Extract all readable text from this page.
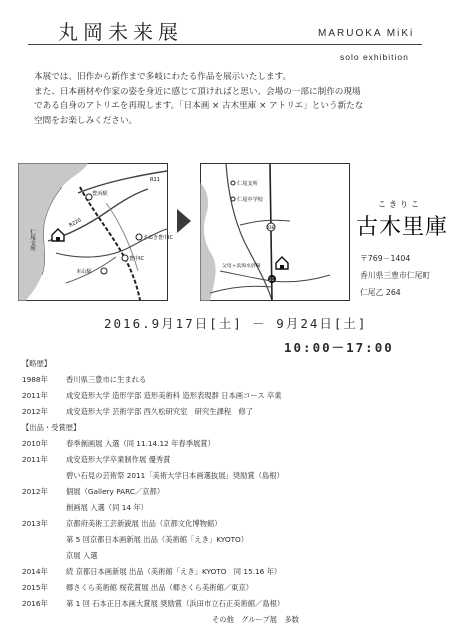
丸岡未来展	MARUOKA MiKi
solo exhibition

本展では、旧作から新作まで多岐にわたる作品を展示いたします。

また、日本画材や作家の姿を身近に感じて頂ければと思い、会場の一部に制作の現場

である自身のアトリエを再現します。「日本画 × 古木里庫 × アトリエ」という新たな

空間をお楽しみください。

豊浜駅
R11
R220
さぬき豊中IC
豊中IC
本山駅
仁尾支所
仁尾支所
仁尾中学校
236
21
父母ヶ浜海水浴場
こきりこ
古木里庫
〒769－1404
香川県三豊市仁尾町
仁尾乙 264
2016.9月17日[土] － 9月24日[土]
10:00－17:00
【略歴】
1988年	香川県三豊市に生まれる
2011年	成安造形大学 造形学部 造形美術科 造形表現群 日本画コース 卒業
2012年	成安造形大学 芸術学部 西久松研究室　研究生課程　修了
【出品・受賞歴】
2010年	春季創画展 入選（同 11.14.12 年春季展賞）
2011年	成安造形大学卒業制作展 優秀賞
碧い石見の芸術祭 2011「美術大学日本画選抜展」奨励賞（島根）
2012年	個展（Gallery PARC／京都）
創画展 入選（同 14 年）
2013年	京都府美術工芸新鋭展 出品（京都文化博物館）
第 5 回京都日本画新展 出品（美術館「えき」KYOTO）
京展 入選
2014年	続 京都日本画新展 出品（美術館「えき」KYOTO　同 15.16 年）
2015年	郷さくら美術館 桜花賞展 出品（郷さくら美術館／東京）
2016年	第 1 回 石本正日本画大賞展 奨励賞（浜田市立石正美術館／島根）
その他　グループ展　多数
